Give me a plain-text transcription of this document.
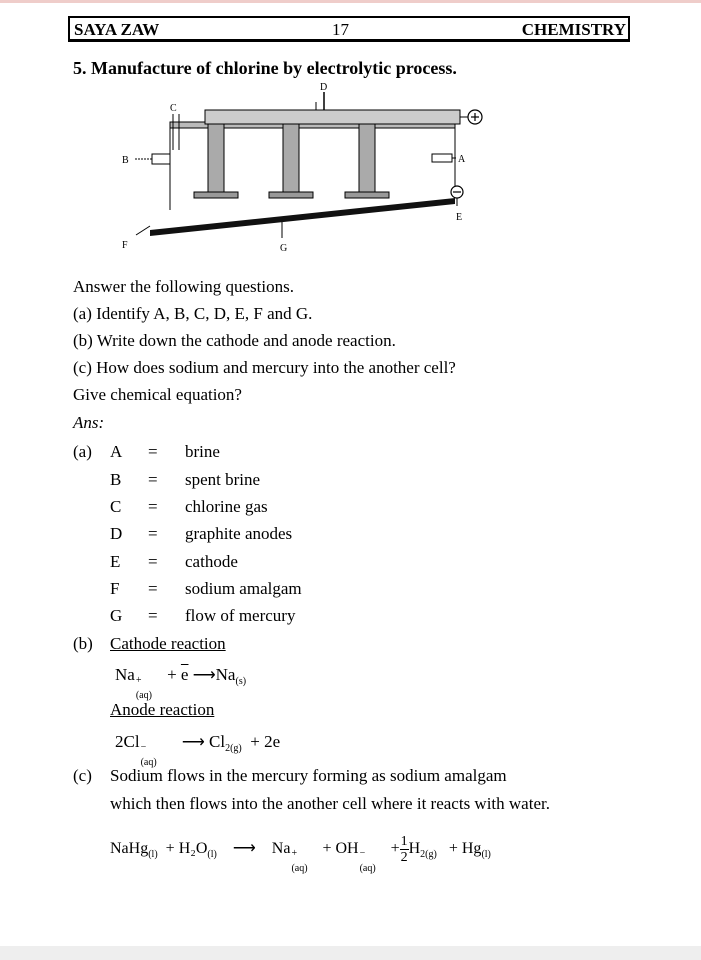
SAYA ZAW	17	CHEMISTRY
5. Manufacture of chlorine by electrolytic process.
D
C
B	A
E
F	G
Answer the following questions.
(a) Identify A, B, C, D, E, F and G.
(b) Write down the cathode and anode reaction.
(c) How does sodium and mercury into the another cell?
Give chemical equation?
Ans:
(a) A = brine
B = spent brine
C = chlorine gas
D = graphite anodes
E = cathode
F = sodium amalgam
G = flow of mercury
(b) Cathode reaction
Na +
(aq)
+ $\overline{e}$ $⟶Na_{(s)}$
Anode reaction
2Cl −
(aq)
⟶ $Cl_{2(g)} + 2e$
(c) Sodium flows in the mercury forming as sodium amalgam
which then flows into the another cell where it reacts with water.
NaHg$_{(l)}$ + $H_2O_{(l)}$ ⟶ Na +
(aq)
+ OH −
(aq)
+ $\frac{1}{2} H_{2(g)} + Hg_{(l)}$
